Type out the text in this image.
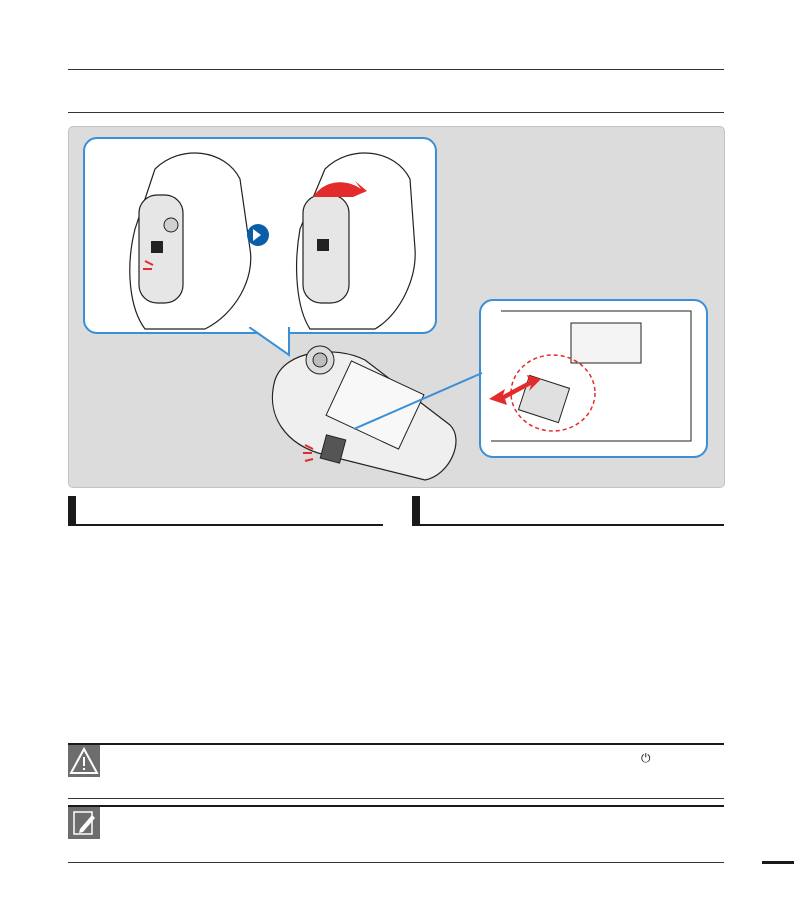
⏻
